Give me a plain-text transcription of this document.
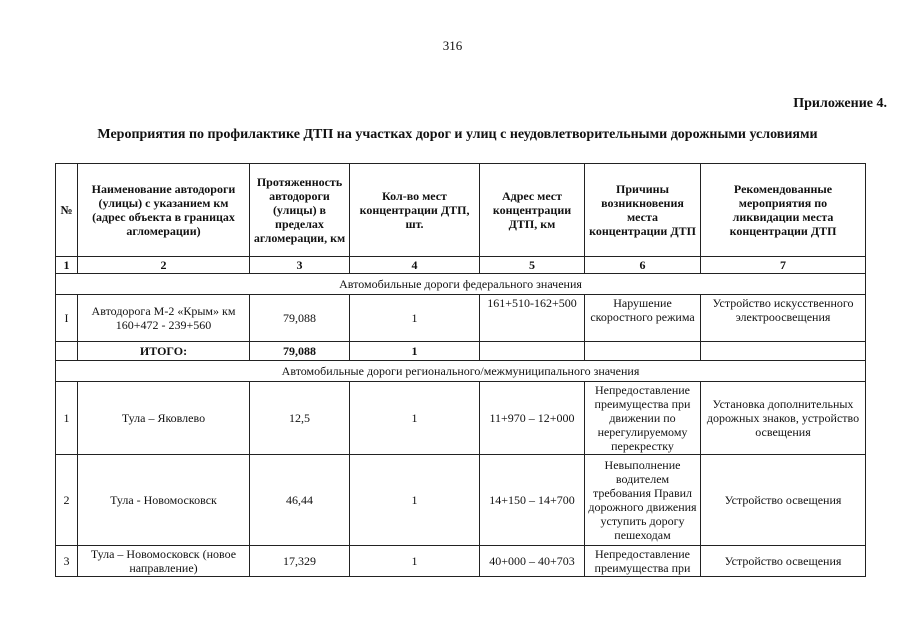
316
Приложение 4.
Мероприятия по профилактике ДТП на участках дорог и улиц с неудовлетворительными дорожными условиями
№	Наименование автодороги (улицы) с указанием км (адрес объекта в границах агломерации)	Протяженность автодороги (улицы) в пределах агломерации, км	Кол-во мест концентрации ДТП, шт.	Адрес мест концентрации ДТП, км	Причины возникновения места концентрации ДТП	Рекомендованные мероприятия по ликвидации места концентрации ДТП
1	2	3	4	5	6	7
Автомобильные дороги федерального значения						
I	Автодорога М-2 «Крым» км 160+472 - 239+560	79,088	1	161+510-162+500	Нарушение скоростного режима	Устройство искусственного электроосвещения
	ИТОГО:	79,088	1			
Автомобильные дороги регионального/межмуниципального значения						
1	Тула – Яковлево	12,5	1	11+970 – 12+000	Непредоставление преимущества при движении по нерегулируемому перекрестку	Установка дополнительных дорожных знаков, устройство освещения
2	Тула - Новомосковск	46,44	1	14+150 – 14+700	Невыполнение водителем требования Правил дорожного движения уступить дорогу пешеходам	Устройство освещения
3	Тула – Новомосковск (новое направление)	17,329	1	40+000 – 40+703	Непредоставление преимущества при	Устройство освещения
